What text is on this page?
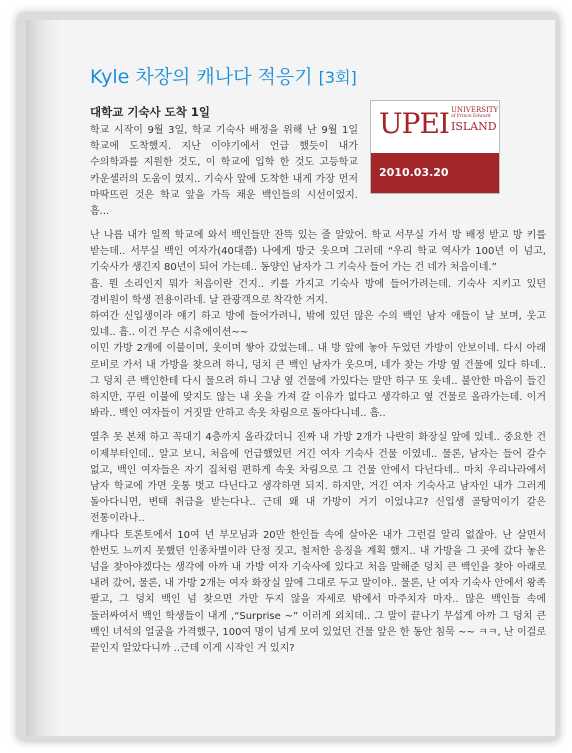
Kyle 차장의 캐나다 적응기 [3회]
대학교 기숙사 도착 1일
학교 시작이 9월 3일, 학교 기숙사 배정을 위해 난 9월 1일 학교에 도착했지. 지난 이야기에서 언급 했듯이 내가 수의학과를 지원한 것도, 이 학교에 입학 한 것도 고등학교 카운셀러의 도움이 였지.. 기숙사 앞에 도착한 내게 가장 먼저 마딱뜨린 것은 학교 앞을 가득 채운 백인들의 시선이었지. 흠...
UPEI UNIVERSITY
of Prince Edward
ISLAND
2010.03.20

난 나름 내가 일찍 학교에 와서 백인들만 잔뜩 있는 줄 알았어. 학교 서무실 가서 방 배정 받고 방 키를 받는데.. 서무실 백인 여자가(40대쯤) 나에게 방긋 웃으며 그러데 “우리 학교 역사가 100년 이 넘고, 기숙사가 생긴지 80년이 되어 가는데.. 동양인 남자가 그 기숙사 들어 가는 건 네가 처음이네.”

흠. 뭔 소리인지 뭐가 처음이란 건지.. 키를 가지고 기숙사 방에 들어가려는데. 기숙사 지키고 있던 경비원이 학생 전용이라네. 날 관광객으로 착각한 거지.

하여간 신입생이라 얘기 하고 방에 들어가려니, 밖에 있던 많은 수의 백인 남자 애들이 날 보며, 웃고 있네.. 흠.. 이건 무슨 시츄에이션~~

이민 가방 2개에 이불이며, 옷이며 쌓아 갔었는데.. 내 방 앞에 놓아 두었던 가방이 안보이네. 다시 아래 로비로 가서 내 가방을 찾으려 하니, 덩치 큰 백인 남자가 웃으며, 네가 찾는 가방 옆 건물에 있다 하네.. 그 덩치 큰 백인한테 다시 물으려 하니 그냥 옆 건물에 가있다는 말만 하구 또 웃네.. 불안한 마음이 들긴 하지만, 꾸린 이불에 맞지도 않는 내 옷을 가져 갈 이유가 없다고 생각하고 옆 건물로 올라가는데. 이거 봐라.. 백인 여자들이 거짓말 안하고 속옷 차림으로 돌아다니네.. 흠..

열추 못 본채 하고 꼭대기 4층까지 올라갔더니 진짜 내 가방 2개가 나란히 화장실 앞에 있네.. 중요한 건 이제부터인데.. 알고 보니, 처음에 언급했었던 거긴 여자 기숙사 건물 이였네.. 물론, 남자는 들어 갈수 없고, 백인 여자들은 자기 집처럼 편하게 속옷 차림으로 그 건물 안에서 다닌다네.. 마치 우리나라에서 남자 학교에 가면 웃통 벗고 다닌다고 생각하면 되지. 하지만, 거긴 여자 기숙사고 남자인 내가 그러게 돌아다니면, 변태 취급을 받는다나.. 근데 왜 내 가방이 거기 이었냐고? 신입생 골탕먹이기 같은 전통이라나..

캐나다 토론토에서 10여 년 부모님과 20만 한인들 속에 살아온 내가 그런걸 알리 없잖아. 난 살면서 한번도 느끼지 못했던 인종차별이라 단정 짓고, 철저한 응징을 계획 했지.. 내 가방을 그 곳에 갔다 놓은 넘을 찾아야겠다는 생각에 아까 내 가방 여자 기숙사에 있다고 처음 말해준 덩치 큰 백인을 찾아 아래로 내려 갔어, 물론, 내 가방 2개는 여자 화장실 앞에 그대로 두고 말이야.. 물론, 난 여자 기숙사 안에서 왕족 팔고, 그 덩치 백인 넘 찾으면 가만 두지 않을 자세로 밖에서 마주치자 마자.. 많은 백인들 속에 둘러싸여서 백인 학생들이 내게 ,“Surprise ~” 이러게 외치데.. 그 말이 끝나기 무섭게 아까 그 덩치 큰 백인 녀석의 얼굴을 가격했구, 100여 명이 넘게 모여 있었던 건물 앞은 한 동안 침묵 ~~ ㅋㅋ, 난 이걸로 끝인지 알았다니까 ..근데 이게 시작인 거 있지?
